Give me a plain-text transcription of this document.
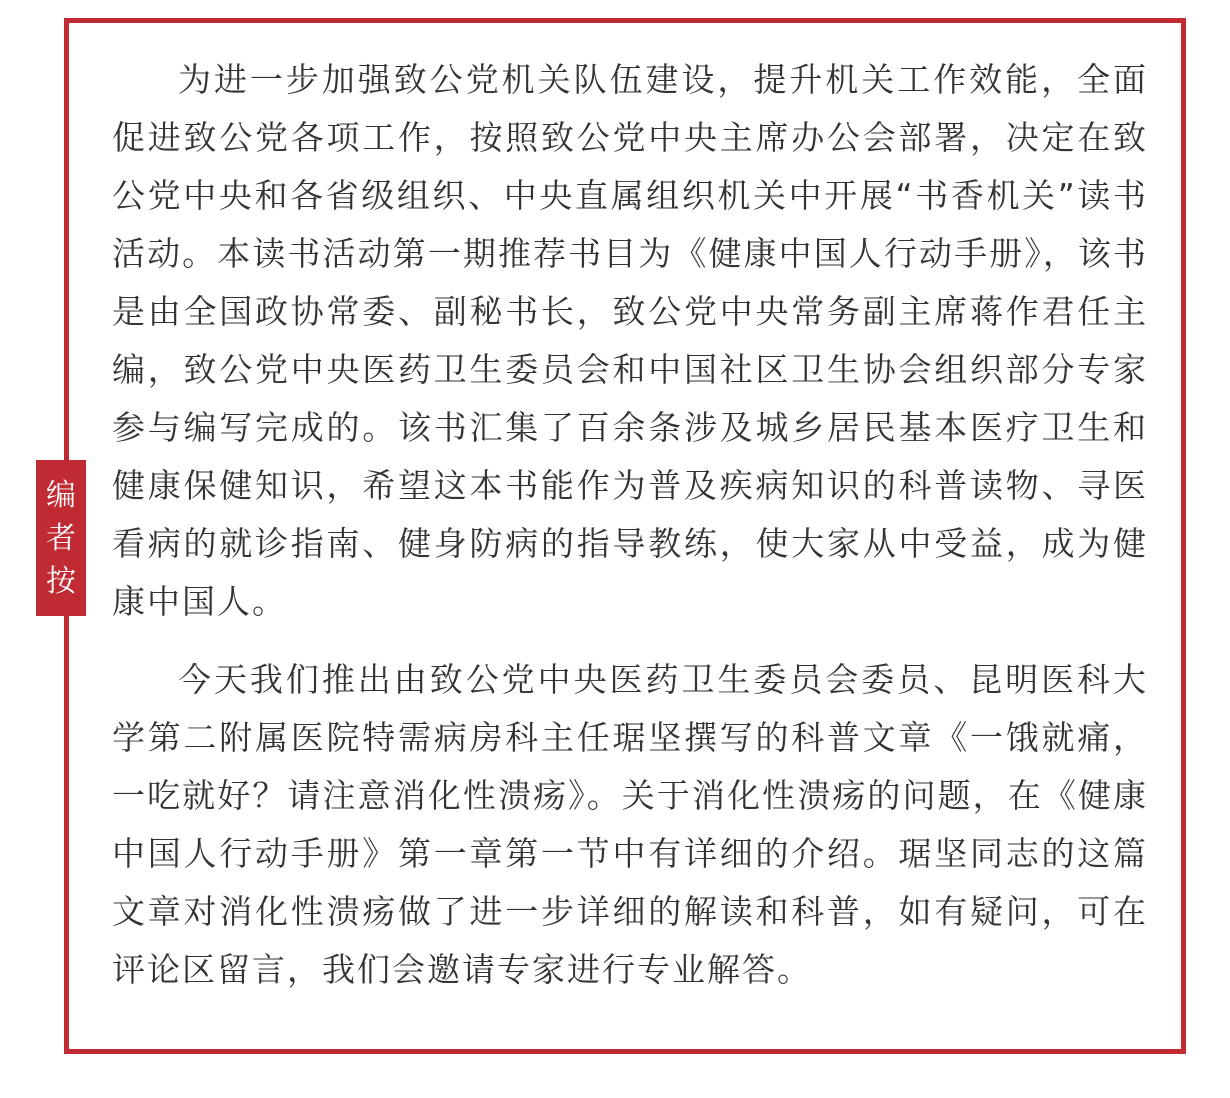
编
者
按

为进一步加强致公党机关队伍建设，提升机关工作效能，全面促进致公党各项工作，按照致公党中央主席办公会部署，决定在致公党中央和各省级组织、中央直属组织机关中开展“书香机关”读书活动。本读书活动第一期推荐书目为《健康中国人行动手册》，该书是由全国政协常委、副秘书长，致公党中央常务副主席蒋作君任主编，致公党中央医药卫生委员会和中国社区卫生协会组织部分专家参与编写完成的。该书汇集了百余条涉及城乡居民基本医疗卫生和健康保健知识，希望这本书能作为普及疾病知识的科普读物、寻医看病的就诊指南、健身防病的指导教练，使大家从中受益，成为健康中国人。

今天我们推出由致公党中央医药卫生委员会委员、昆明医科大学第二附属医院特需病房科主任琚坚撰写的科普文章《一饿就痛，一吃就好？请注意消化性溃疡》。关于消化性溃疡的问题，在《健康中国人行动手册》第一章第一节中有详细的介绍。琚坚同志的这篇文章对消化性溃疡做了进一步详细的解读和科普，如有疑问，可在评论区留言，我们会邀请专家进行专业解答。
